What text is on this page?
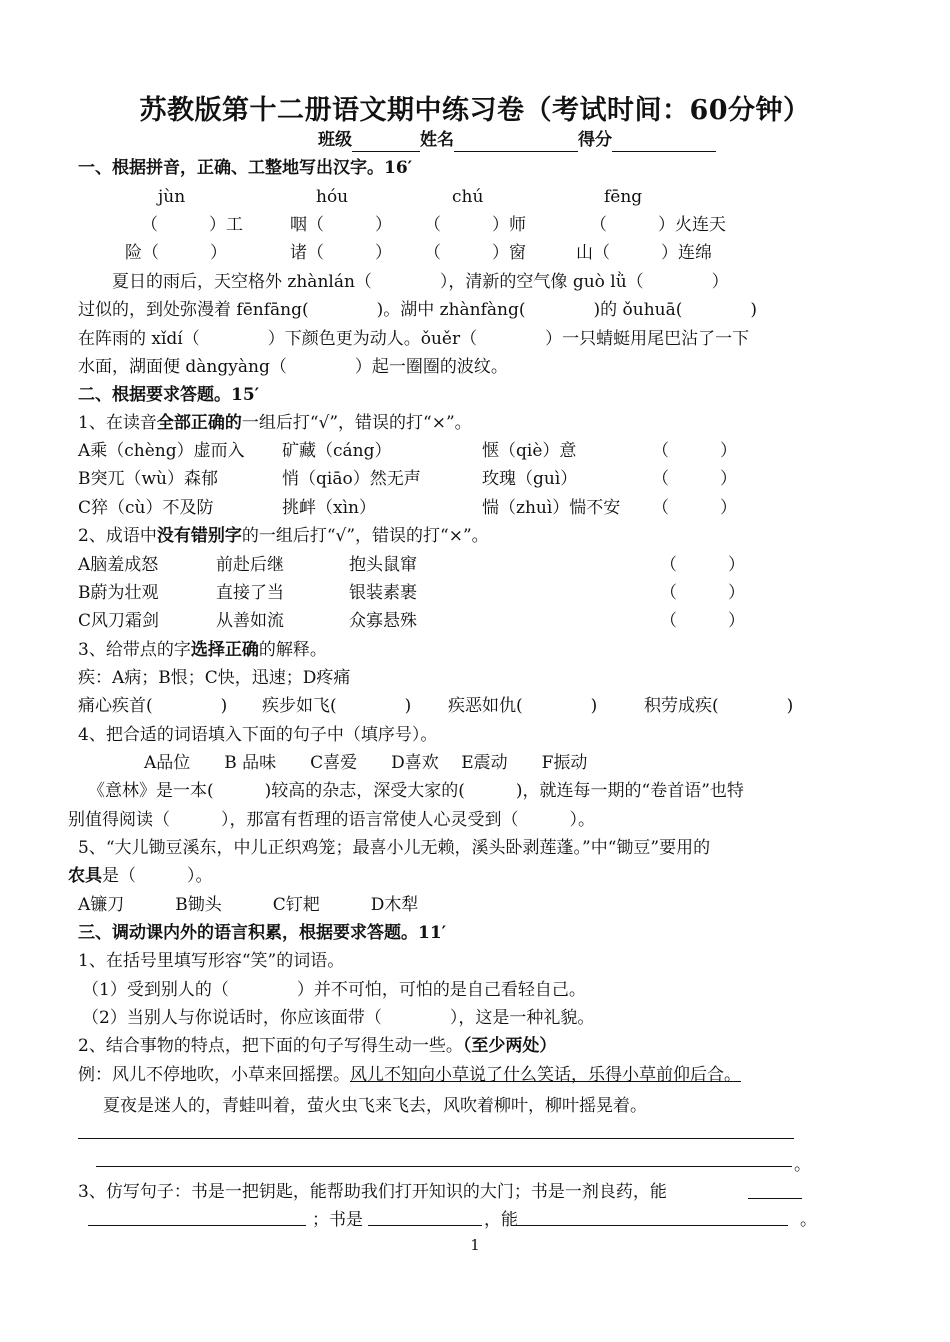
苏教版第十二册语文期中练习卷（考试时间：60分钟）
班级	姓名	得分
一、根据拼音，正确、工整地写出汉字。16′
jùn	hóu	chú	fēng
（　　　）工	咽（　　　） （　　　）师	（　　　）火连天
险（　　　）	诸（　　　） （　　　）窗	山（　　　）连绵
　　夏日的雨后，天空格外 zhànlán（　　　　），清新的空气像 guò lǜ（　　　　）
过似的，到处弥漫着 fēnfāng(　　　　)。湖中 zhànfàng(　　　　)的 ǒuhuā(　　　　)
在阵雨的 xǐdí（　　　　）下颜色更为动人。ǒuěr（　　　　）一只蜻蜓用尾巴沾了一下
水面，湖面便 dàngyàng（　　　　）起一圈圈的波纹。
二、根据要求答题。15′
1、在读音全部正确的一组后打“√”，错误的打“×”。
A乘（chèng）虚而入 矿藏（cáng）	惬（qiè）意	（　　　）
B突兀（wù）森郁	悄（qiāo）然无声	玫瑰（guì）	（　　　）
C猝（cù）不及防	挑衅（xìn）	惴（zhuì）惴不安 （　　　）
2、成语中没有错别字的一组后打“√”，错误的打“×”。
A脑羞成怒	前赴后继	抱头鼠窜	（　　　）
B蔚为壮观	直接了当	银装素裹	（　　　）
C风刀霜剑	从善如流	众寡悬殊	（　　　）
3、给带点的字选择正确的解释。
疾：A病；B恨；C快，迅速；D疼痛
痛心疾首(　　　　) 疾步如飞(　　　　) 疾恶如仇(　　　　)	积劳成疾(　　　　)
4、把合适的词语填入下面的句子中（填序号）。
A品位　　B 品味　　C喜爱　　D喜欢　 E震动　　F振动
《意林》是一本(　　　)较高的杂志，深受大家的(　　　)，就连每一期的“卷首语”也特
别值得阅读（　　　），那富有哲理的语言常使人心灵受到（　　　）。
5、“大儿锄豆溪东，中儿正织鸡笼；最喜小儿无赖，溪头卧剥莲蓬。”中“锄豆”要用的
农具是（　　　）。
A镰刀　　　B锄头　　　C钉耙　　　D木犁
三、调动课内外的语言积累，根据要求答题。11′
1、在括号里填写形容“笑”的词语。
（1）受到别人的（　　　　）并不可怕，可怕的是自己看轻自己。
（2）当别人与你说话时，你应该面带（　　　　），这是一种礼貌。
2、结合事物的特点，把下面的句子写得生动一些。（至少两处）
例：风儿不停地吹，小草来回摇摆。风儿不知向小草说了什么笑话，乐得小草前仰后合。
　夏夜是迷人的，青蛙叫着，萤火虫飞来飞去，风吹着柳叶，柳叶摇晃着。
。
3、仿写句子：书是一把钥匙，能帮助我们打开知识的大门；书是一剂良药，能
；书是	，能	。
1
